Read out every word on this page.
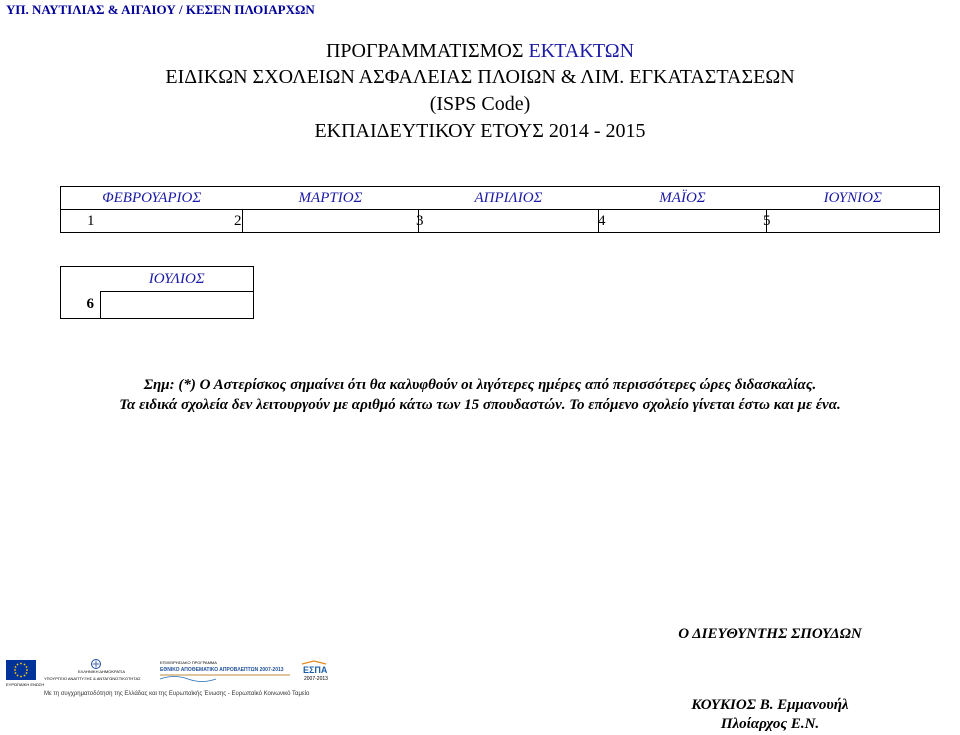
ΥΠ. ΝΑΥΤΙΛΙΑΣ & ΑΙΓΑΙΟΥ / ΚΕΣΕΝ ΠΛΟΙΑΡΧΩΝ
ΠΡΟΓΡΑΜΜΑΤΙΣΜΟΣ ΕΚΤΑΚΤΩΝ
ΕΙΔΙΚΩΝ ΣΧΟΛΕΙΩΝ ΑΣΦΑΛΕΙΑΣ ΠΛΟΙΩΝ & ΛΙΜ. ΕΓΚΑΤΑΣΤΑΣΕΩΝ
(ISPS Code)
ΕΚΠΑΙΔΕΥΤΙΚΟΥ ΕΤΟΥΣ 2014 - 2015
ΦΕΒΡΟΥΑΡΙΟΣ	ΜΑΡΤΙΟΣ	ΑΠΡΙΛΙΟΣ	ΜΑΪΟΣ	ΙΟΥΝΙΟΣ
1	2	3	4	5
	ΙΟΥΛΙΟΣ
6	
Σημ: (*) Ο Αστερίσκος σημαίνει ότι θα καλυφθούν οι λιγότερες ημέρες από περισσότερες ώρες διδασκαλίας.
Τα ειδικά σχολεία δεν λειτουργούν με αριθμό κάτω των 15 σπουδαστών. Το επόμενο σχολείο γίνεται έστω και με ένα.
Ο ΔΙΕΥΘΥΝΤΗΣ ΣΠΟΥΔΩΝ
ΚΟΥΚΙΟΣ Β. Εμμανουήλ
Πλοίαρχος Ε.Ν.
ΕΥΡΩΠΑΪΚΗ ΕΝΩΣΗ
ΕΛΛΗΝΙΚΗ ΔΗΜΟΚΡΑΤΙΑ
ΥΠΟΥΡΓΕΙΟ ΑΝΑΠΤΥΞΗΣ & ΑΝΤΑΓΩΝΙΣΤΙΚΟΤΗΤΑΣ
ΕΠΙΧΕΙΡΗΣΙΑΚΟ ΠΡΟΓΡΑΜΜΑ
ΕΘΝΙΚΟ ΑΠΟΘΕΜΑΤΙΚΟ ΑΠΡΟΒΛΕΠΤΩΝ 2007-2013 ΕΣΠΑ
2007-2013
Με τη συγχρηματοδότηση της Ελλάδας και της Ευρωπαϊκής Ένωσης - Ευρωπαϊκό Κοινωνικό Ταμείο
